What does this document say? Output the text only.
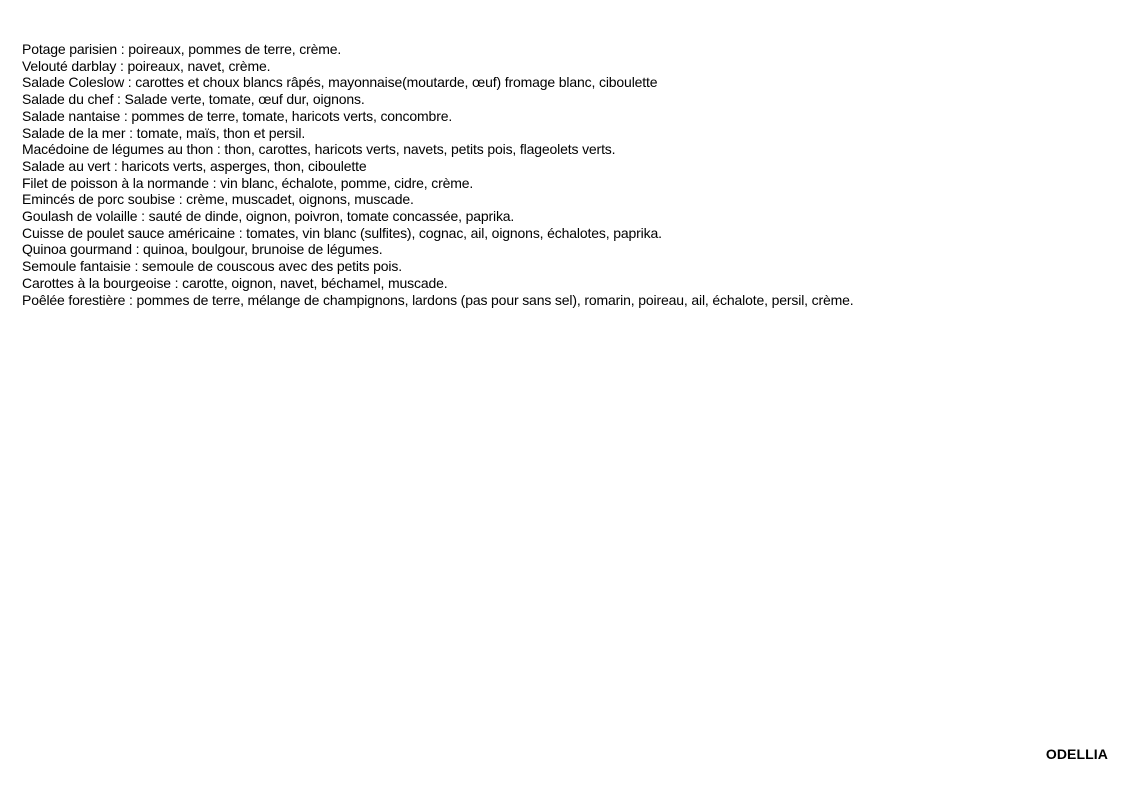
Potage parisien : poireaux, pommes de terre, crème.
Velouté darblay : poireaux, navet, crème.
Salade Coleslow : carottes et choux blancs râpés, mayonnaise(moutarde, œuf) fromage blanc, ciboulette
Salade du chef : Salade verte, tomate, œuf dur, oignons.
Salade nantaise : pommes de terre, tomate, haricots verts, concombre.
Salade de la mer : tomate, maïs, thon et persil.
Macédoine de légumes au thon : thon, carottes, haricots verts, navets, petits pois, flageolets verts.
Salade au vert : haricots verts, asperges, thon, ciboulette
Filet de poisson à la normande : vin blanc, échalote, pomme, cidre, crème.
Emincés de porc soubise : crème, muscadet, oignons, muscade.
Goulash de volaille : sauté de dinde, oignon, poivron, tomate concassée, paprika.
Cuisse de poulet sauce américaine : tomates, vin blanc (sulfites), cognac, ail, oignons, échalotes, paprika.
Quinoa gourmand : quinoa, boulgour, brunoise de légumes.
Semoule fantaisie : semoule de couscous avec des petits pois.
Carottes à la bourgeoise : carotte, oignon, navet, béchamel, muscade.
Poêlée forestière : pommes de terre, mélange de champignons, lardons (pas pour sans sel), romarin, poireau, ail, échalote, persil, crème.
ODELLIA
